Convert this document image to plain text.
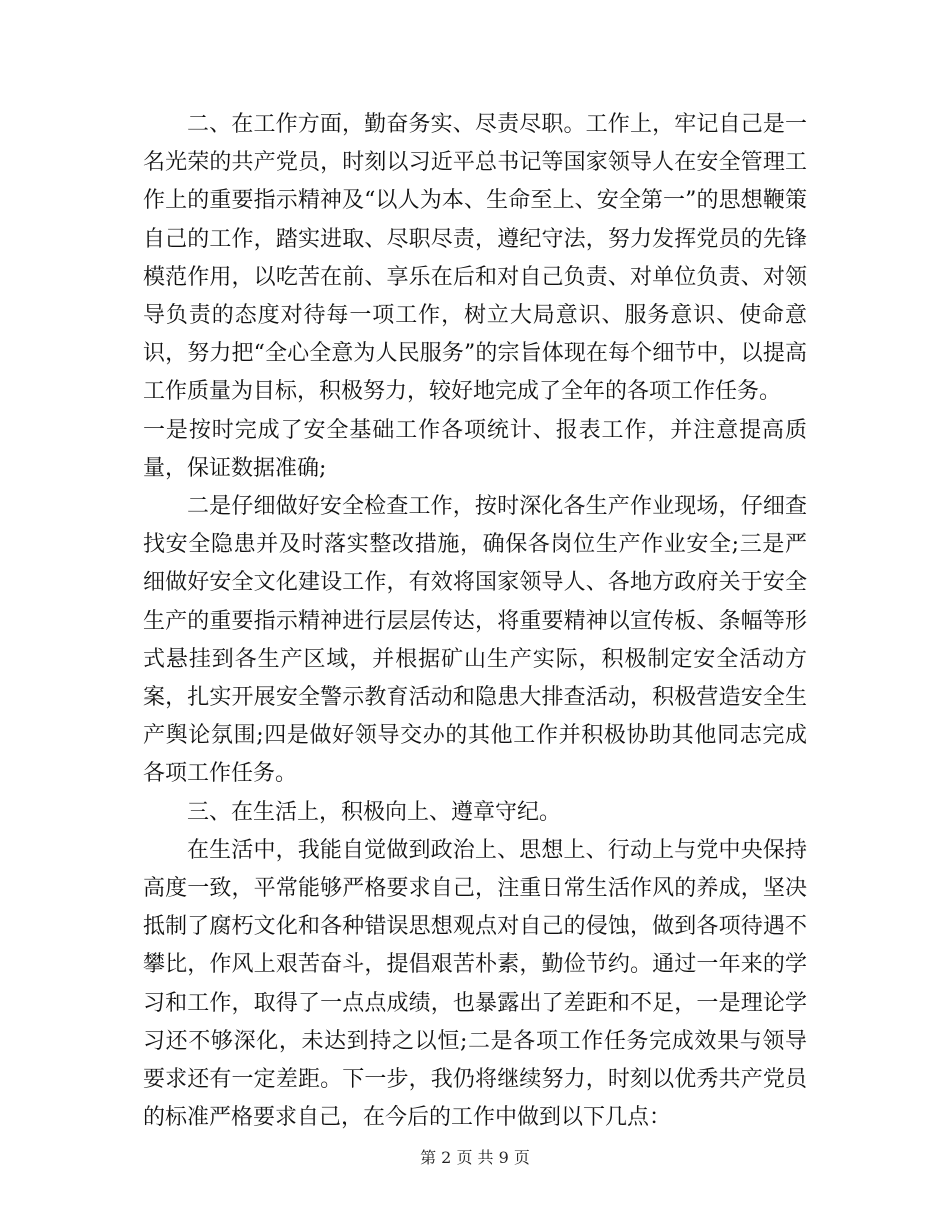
二、在工作方面，勤奋务实、尽责尽职。工作上，牢记自己是一名光荣的共产党员，时刻以习近平总书记等国家领导人在安全管理工作上的重要指示精神及“以人为本、生命至上、安全第一”的思想鞭策自己的工作，踏实进取、尽职尽责，遵纪守法，努力发挥党员的先锋模范作用，以吃苦在前、享乐在后和对自己负责、对单位负责、对领导负责的态度对待每一项工作，树立大局意识、服务意识、使命意识，努力把“全心全意为人民服务”的宗旨体现在每个细节中，以提高工作质量为目标，积极努力，较好地完成了全年的各项工作任务。

一是按时完成了安全基础工作各项统计、报表工作，并注意提高质量，保证数据准确;

二是仔细做好安全检查工作，按时深化各生产作业现场，仔细查找安全隐患并及时落实整改措施，确保各岗位生产作业安全;三是严细做好安全文化建设工作，有效将国家领导人、各地方政府关于安全生产的重要指示精神进行层层传达，将重要精神以宣传板、条幅等形式悬挂到各生产区域，并根据矿山生产实际，积极制定安全活动方案，扎实开展安全警示教育活动和隐患大排查活动，积极营造安全生产舆论氛围;四是做好领导交办的其他工作并积极协助其他同志完成各项工作任务。

三、在生活上，积极向上、遵章守纪。

在生活中，我能自觉做到政治上、思想上、行动上与党中央保持高度一致，平常能够严格要求自己，注重日常生活作风的养成，坚决抵制了腐朽文化和各种错误思想观点对自己的侵蚀，做到各项待遇不攀比，作风上艰苦奋斗，提倡艰苦朴素，勤俭节约。通过一年来的学习和工作，取得了一点点成绩，也暴露出了差距和不足，一是理论学习还不够深化，未达到持之以恒;二是各项工作任务完成效果与领导要求还有一定差距。下一步，我仍将继续努力，时刻以优秀共产党员的标准严格要求自己，在今后的工作中做到以下几点：

第 2 页 共 9 页
